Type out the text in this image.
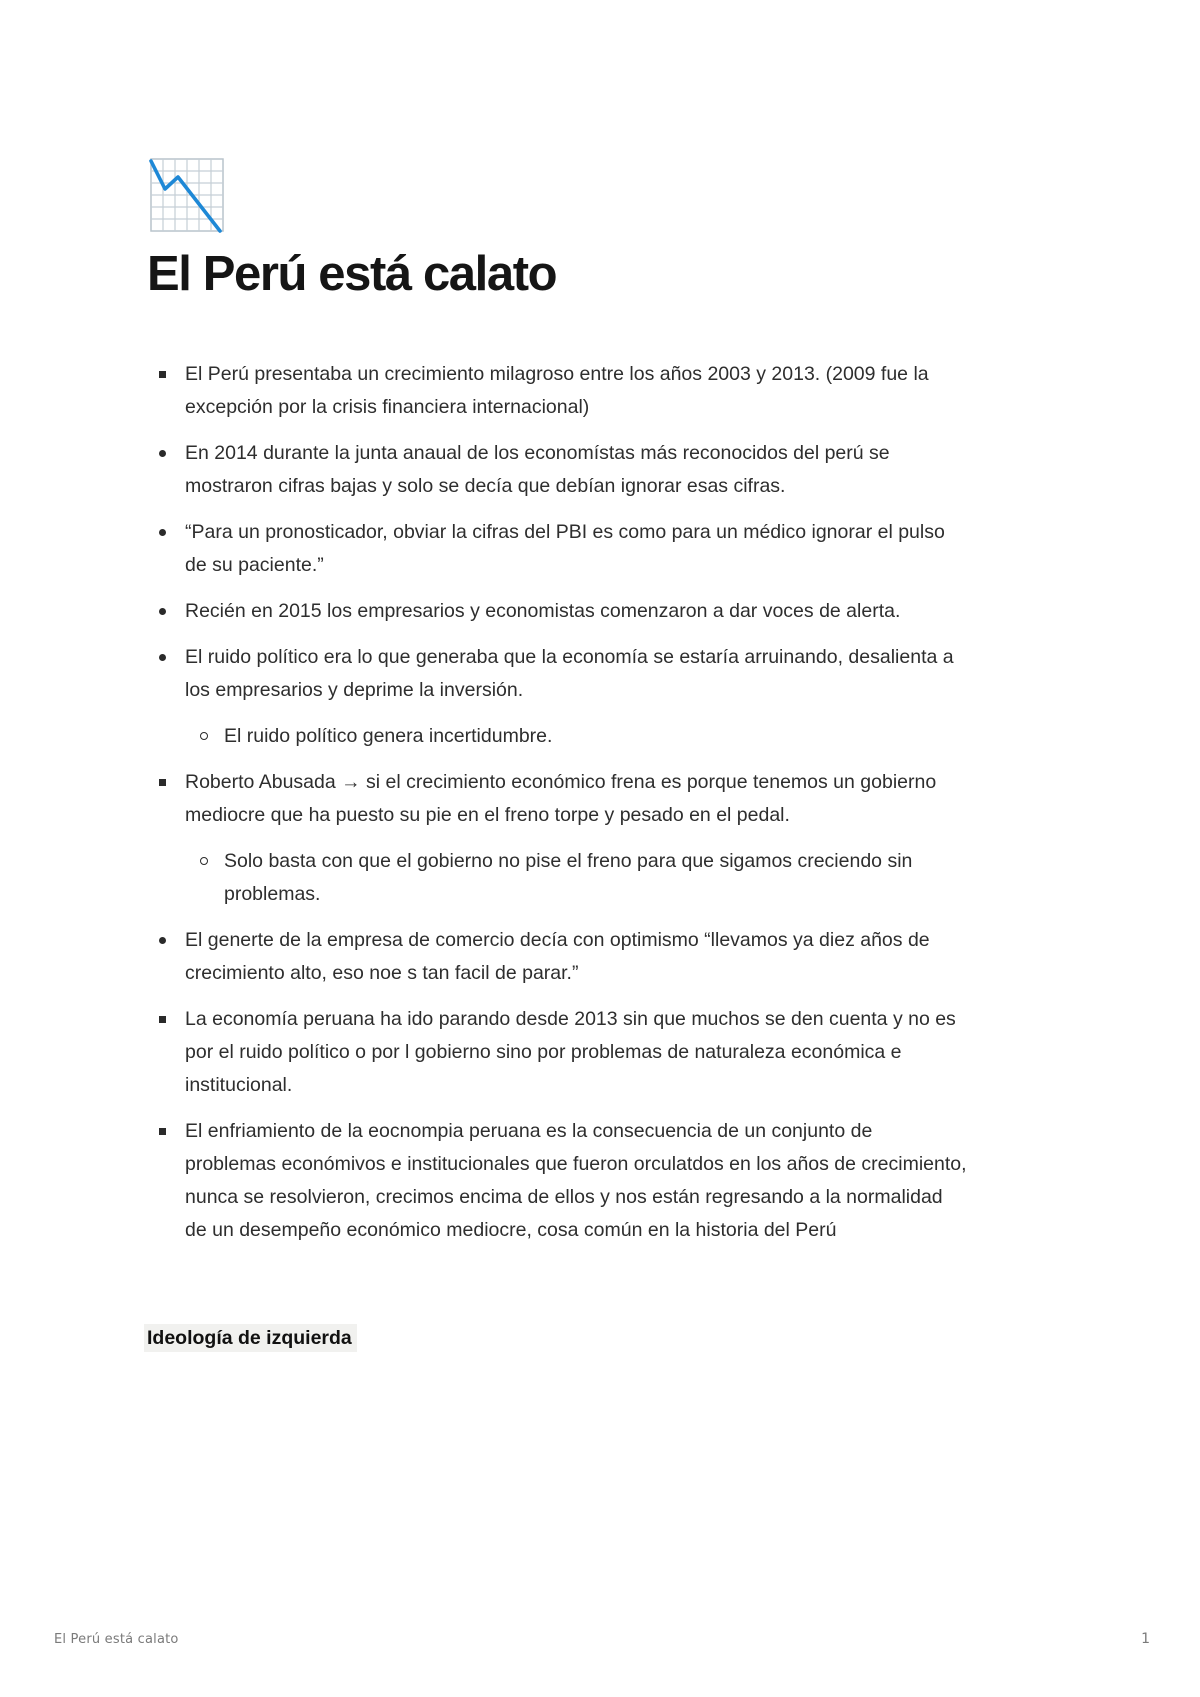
El Perú está calato
El Perú presentaba un crecimiento milagroso entre los años 2003 y 2013. (2009 fue la excepción por la crisis financiera internacional)
En 2014 durante la junta anaual de los economístas más reconocidos del perú se mostraron cifras bajas y solo se decía que debían ignorar esas cifras.
“Para un pronosticador, obviar la cifras del PBI es como para un médico ignorar el pulso de su paciente.”
Recién en 2015 los empresarios y economistas comenzaron a dar voces de alerta.
El ruido político era lo que generaba que la economía se estaría arruinando, desalienta a los empresarios y deprime la inversión.
El ruido político genera incertidumbre.
Roberto Abusada → si el crecimiento económico frena es porque tenemos un gobierno mediocre que ha puesto su pie en el freno torpe y pesado en el pedal.
Solo basta con que el gobierno no pise el freno para que sigamos creciendo sin problemas.
El generte de la empresa de comercio decía con optimismo “llevamos ya diez años de crecimiento alto, eso noe s tan facil de parar.”
La economía peruana ha ido parando desde 2013 sin que muchos se den cuenta y no es por el ruido político o por l gobierno sino por problemas de naturaleza económica e institucional.
El enfriamiento de la eocnompia peruana es la consecuencia de un conjunto de problemas económivos e institucionales que fueron orculatdos en los años de crecimiento, nunca se resolvieron, crecimos encima de ellos y nos están regresando a la normalidad de un desempeño económico mediocre, cosa común en la historia del Perú
Ideología de izquierda
El Perú está calato	1
